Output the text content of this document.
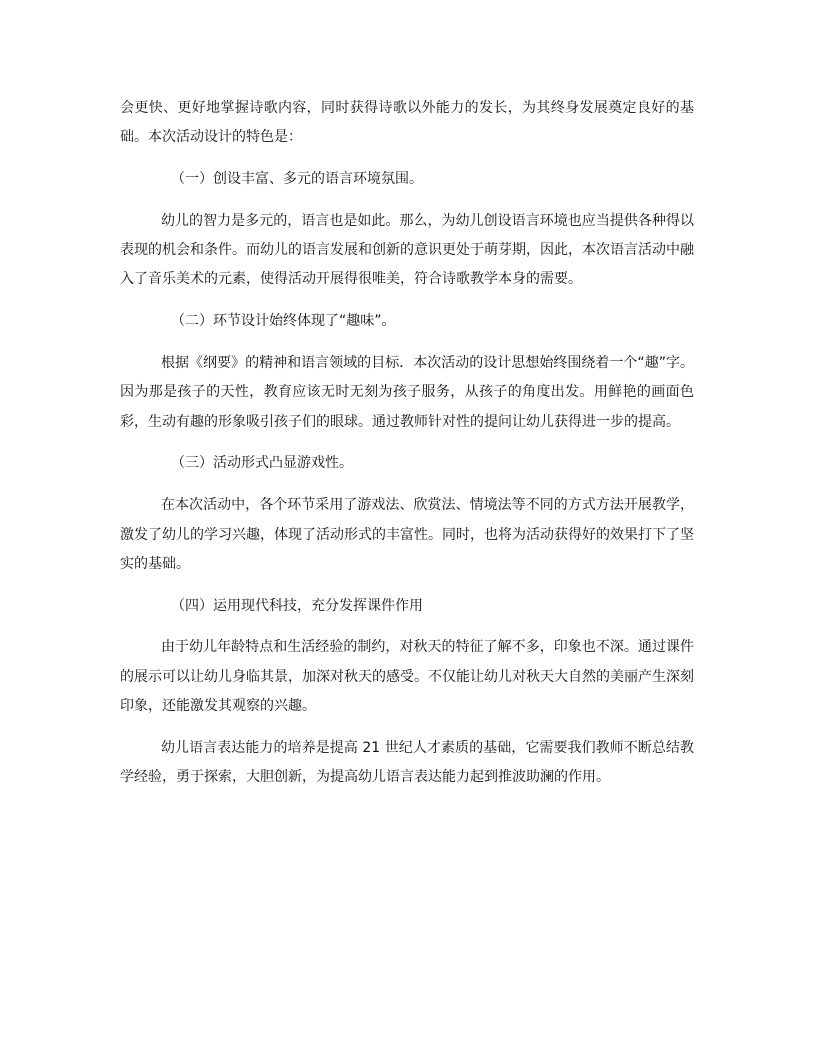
会更快、更好地掌握诗歌内容，同时获得诗歌以外能力的发长，为其终身发展奠定良好的基础。本次活动设计的特色是：

（一）创设丰富、多元的语言环境氛围。

幼儿的智力是多元的，语言也是如此。那么，为幼儿创设语言环境也应当提供各种得以表现的机会和条件。而幼儿的语言发展和创新的意识更处于萌芽期，因此，本次语言活动中融入了音乐美术的元素，使得活动开展得很唯美，符合诗歌教学本身的需要。

（二）环节设计始终体现了“趣味”。

根据《纲要》的精神和语言领域的目标．本次活动的设计思想始终围绕着一个“趣”字。因为那是孩子的天性，教育应该无时无刻为孩子服务，从孩子的角度出发。用鲜艳的画面色彩，生动有趣的形象吸引孩子们的眼球。通过教师针对性的提问让幼儿获得进一步的提高。

（三）活动形式凸显游戏性。

在本次活动中，各个环节采用了游戏法、欣赏法、情境法等不同的方式方法开展教学，激发了幼儿的学习兴趣，体现了活动形式的丰富性。同时，也将为活动获得好的效果打下了坚实的基础。

（四）运用现代科技，充分发挥课件作用

由于幼儿年龄特点和生活经验的制约，对秋天的特征了解不多，印象也不深。通过课件的展示可以让幼儿身临其景，加深对秋天的感受。不仅能让幼儿对秋天大自然的美丽产生深刻印象，还能激发其观察的兴趣。

幼儿语言表达能力的培养是提高 21 世纪人才素质的基础，它需要我们教师不断总结教学经验，勇于探索，大胆创新，为提高幼儿语言表达能力起到推波助澜的作用。
